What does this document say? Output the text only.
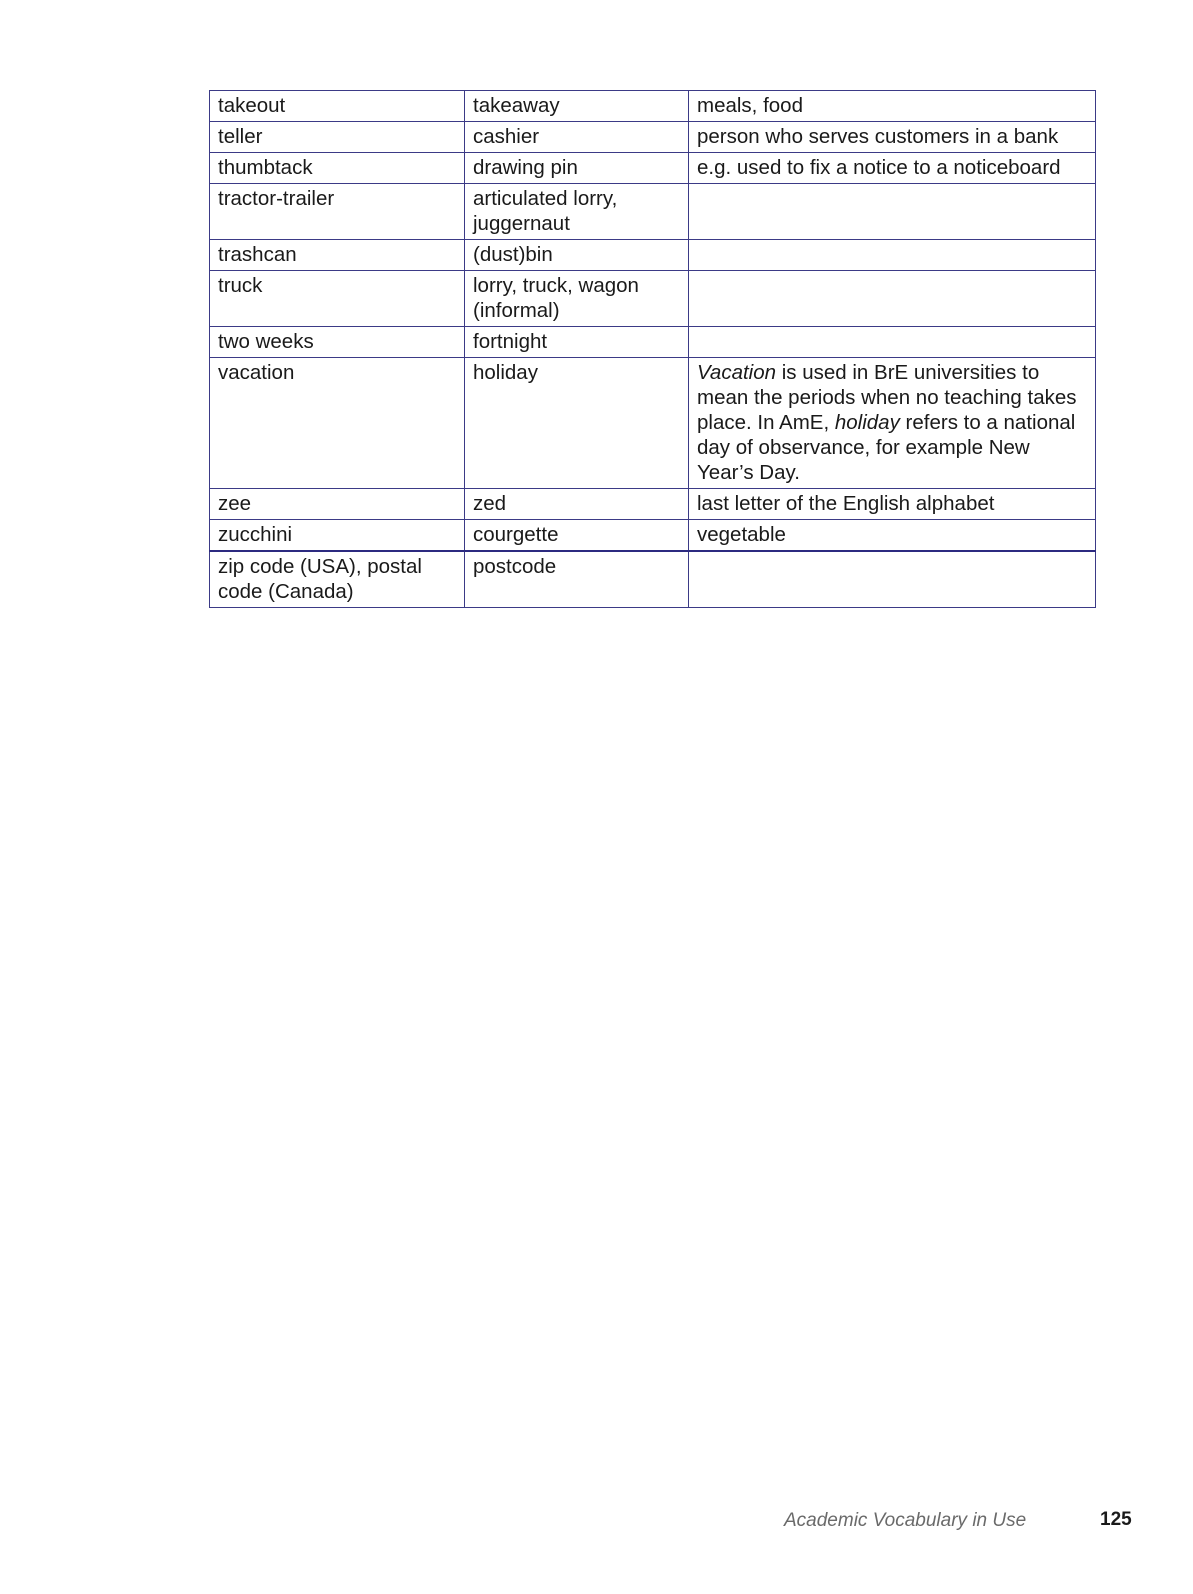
takeout	takeaway	meals, food
teller	cashier	person who serves customers in a bank
thumbtack	drawing pin	e.g. used to fix a notice to a noticeboard
tractor-trailer	articulated lorry, juggernaut	
trashcan	(dust)bin	
truck	lorry, truck, wagon (informal)	
two weeks	fortnight	
vacation	holiday	Vacation is used in BrE universities to mean the periods when no teaching takes place. In AmE, holiday refers to a national day of observance, for example New Year’s Day.
zee	zed	last letter of the English alphabet
zucchini	courgette	vegetable
zip code (USA), postal code (Canada)	postcode	
Academic Vocabulary in Use	125
